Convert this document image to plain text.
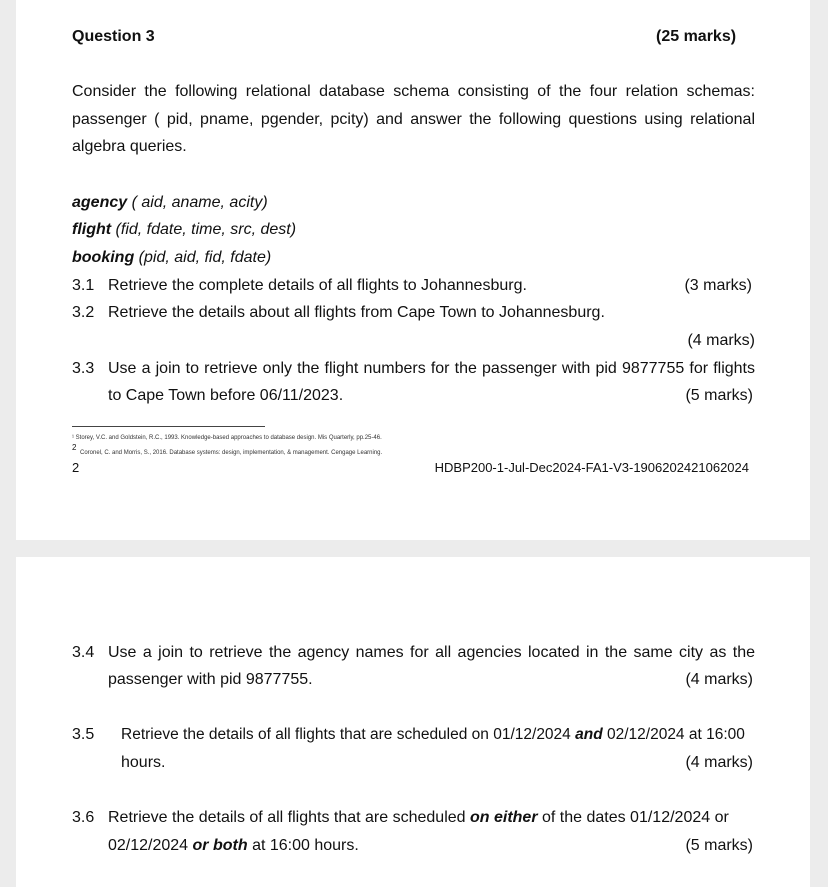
Question 3	(25 marks)
Consider the following relational database schema consisting of the four relation schemas:
passenger ( pid, pname, pgender, pcity) and answer the following questions using relational
algebra queries.
agency ( aid, aname, acity)
flight (fid, fdate, time, src, dest)
booking (pid, aid, fid, fdate)
3.1 Retrieve the complete details of all flights to Johannesburg.	(3 marks)
3.2 Retrieve the details about all flights from Cape Town to Johannesburg.
(4 marks)
3.3 Use a join to retrieve only the flight numbers for the passenger with pid 9877755 for flights
to Cape Town before 06/11/2023.	(5 marks)
¹ Storey, V.C. and Goldstein, R.C., 1993. Knowledge-based approaches to database design. Mis Quarterly, pp.25-46.
2
Coronel, C. and Morris, S., 2016. Database systems: design, implementation, & management. Cengage Learning.
2	HDBP200-1-Jul-Dec2024-FA1-V3-1906202421062024
3.4 Use a join to retrieve the agency names for all agencies located in the same city as the
passenger with pid 9877755.	(4 marks)
3.5 Retrieve the details of all flights that are scheduled on 01/12/2024 and 02/12/2024 at 16:00
hours.	(4 marks)
3.6 Retrieve the details of all flights that are scheduled on either of the dates 01/12/2024 or
02/12/2024 or both at 16:00 hours.	(5 marks)
